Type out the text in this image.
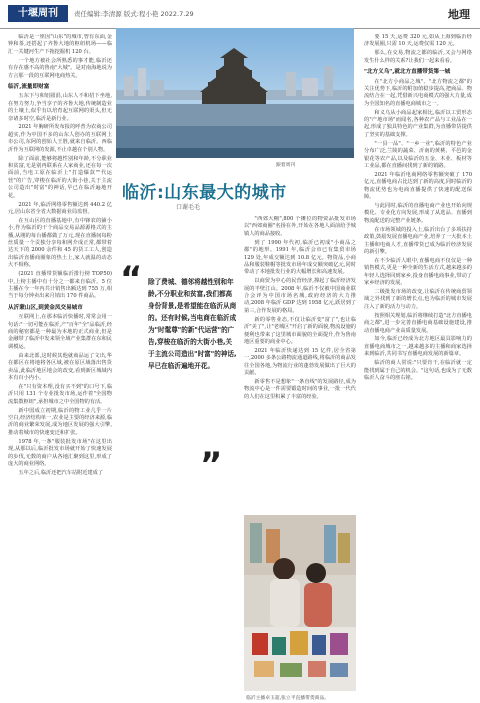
十堰周刊	责任编辑:李清源 版式:程小艳 2022.7.29	地理

临沂是一座因"山东"的城市,曾有东面,金钟和茶,还搭起了齐鲁大地的枢纽机场——临汇一关键河生产下拖挖掘机 120 台。

一个地方被社会所熟悉的事才能,临沂还有存在感不高的鲁南"大城"。是对南海地说为方言那一段的互联网电商热关。

临沂,流量即财富

五东下与和铝圆涓,山东人不和招下坐地,在努力努力,争当享子的齐鲁大地,传统制造业的土壤上,似乎有以培育起互联网的渠头,但无奈诸多时空,临沂是新行业。

2021 年胸研所发布报的呼普为农商公司超实,作为中国不多的山东人创办的互联网上市公司,东阿的创始人王胜,就来自临沂。西临沂作为互联网的发源,不止卓越在个别人物。

除了面前,能够将越性别和年龄,不分职业和贫富,无是别再联系在人家商业,还在每一次面前,当电工原在临沂上"打造爆款""代运营"的广告,穿梭在临沂的大街小巷,关于主流公司造出"时富"的神话,早已在临沂遍地开花。

2021 年,临沂网络零售额达到 440.2 亿元,居山东省全省大数据商业局监督。

在互山区的直播基地中,有中锋农的铺小小,作为临沂的干个商品交易品源源格式的主播,从刚的每台播都做了万元,现在直播间每粉丝质量一个贡独分享每和网介成正常,都带着达天下的 2000 余件和 45 的货工工人,创造出临沂直播商圈象的热土上,家人就温的动态大不相称。

(2021 直播带货额临沂排行榜 TOP50) 中,上榜主播中有十分之一都来自临沂。5 位主播在今一年内共计销售出额达到 755 万,相当于每分钟卖出来月销出 170 件商品。

从沂蒙山区,到黄金凤交易城市

互联网上,在那本临沂快播时,常常会用一句话:"一切可能在临沂,产"百年"全"品临沂,经商的秘密都是一种最为本地的正式商业,但是金融带了临沂中发来领全域产业集群在东和民调模运。

由来北部,这时候其他就商品运了文出,华在都区在将地将各区域,被在原区域落出售货卖品,此临沂地区地会的改变,看到新区城域内本有百小内小。

在"只有资本理,没有买不到"的口号下,临沂只用 131 个专业批发市场,运作着"全国物流集散枢纽",承担城市之中全国物的有活。

新中国成立初期,临沂的物工业几乎一片空白,经济结构单一,农业是主要的经济来源,临沂的商业繁荣发展,成为地区发展的强大引擎,推动着城市的快速变迁和扩张。

1978 年,一条"服装批发市场"在这里出现,从那以后,临沂批发市场就开始了快速发展的步伐,无数的商户从各地汇聚到这里,形成了庞大的商业网络。

五年之后,临沂还把汽车站附近建成了

跟着周刊
临沂:山东最大的城市
口谢毛毛

"西郊大棚",800 个摊位的物资品批发市场以"西郊商圈"名扬在外,开始在各地人面前给予城镇人的商品接收。

到了 1990 年代初,临沂已初成"小商品之都"的地形。1991 年,临沂会市已有集贸市场 129 处,年成交额达到 10.8 亿元。物资品,小商品和服装鞋帽等批发市场年成交额突破亿元,同时带动了本地批发行业的大幅增长和高速发展。

以商贸为中心的民营经济,撑起了临沂经济发展的半壁江山。2008 年,临沂不仅被中国商业联合会评为中国市场名城,政府经济的大力推动,2008 年临沂 GDP 达到 1958 亿元,跃居到了第三,合作发展的格局。

新的零售业态,不仅让临沂变"富了",也让临沂"美了",让"老城区"开启了新的面貌,物流设施的便利也带来了这里城市面貌的全面提升,作为鲁南地区重要的商业中心。

2021 年临沂快递达到 15 亿件,居全省第一,2000 多条公路物流通道路线,将临沂的商品发往全国各地,为物流行业的蓬勃发展做出了巨大的贡献。

新零售不是想象"一条直线"的发展路径,成为物流中心是一件需要锻造时间的事业,一批一代代的人们在这里积累了丰富的经验。

“ 除了费城、德邻将越性别和年龄,不分职业和贫富,我们都高身份背景,是希望能在临沂从商的。还有时候,当电商在临沂成为"时髦尊"的新"代运营"的广告,穿梭在临沂的大街小巷,关于主流公司造出"时富"的神话,早已在临沂遍地开花。
”
临沂主播卓玉超,张立平直播带货商品。

要 15 天,运费 320 元,如从上海到临沂经济发展圈,只需 10 天,运费仅需 120 元。

那么,在交易,物流之都的临沂,又会与网络发生什么样的关系?让我们一起来看看。

"北方义乌",就北方直播带货第一城

在"北方小商品之城"、"北方物流之都"的关注优势下,临沂的附加值稳步提高,把商品、物流结合在一起,凭借新兴电商模式的强大力量,成为全国知名的直播电商城市之一。

和义乌从小商品起家相比,临沂以工贸形态的"产地市场"而闻名,各种农产品与工业品在一起,形成了独具特色的产业集群,为直播带货提供了坚实的基础支撑。

"一县一品"、"一乡一业",临沂的特色产业分布广泛,兰陵的蔬菜、沂南的黄桃、平邑的金银花等农产品,以及临沂的五金、木业、板材等工业品,都在直播间找到了新的销路。

2021 年临沂电商网络零售额突破了 170 亿元,直播电商占比达到了新的高度,同时临沂的物流优势也为电商直播提供了快速的配送保障。

与此同时,临沂的直播电商产业也开始向规模化、专业化方向发展,形成了从选品、直播到物流配送的完整产业链条。

在市场领域的投入上,临沂出台了多项扶持政策,鼓励发展直播电商产业,培养了一大批本土主播和电商人才,直播带货已成为临沂经济发展的新引擎。

在不少临沂人眼中,直播电商不仅仅是一种销售模式,更是一种全新的生活方式,越来越多的年轻人选择回到家乡,投身直播电商事业,带动了家乡经济的发展。

二级批发市场的改变,让临沂在传统商贸领域之外找到了新的增长点,也为临沂的城市发展注入了新的活力与动力。

按照相关规划,临沂将继续打造"北方直播电商之都",进一步完善直播电商基础设施建设,推动直播电商产业高质量发展。

如今,临沂已经成为北方地区最具影响力的直播电商城市之一,越来越多的主播和商家选择来到临沂,共同书写直播电商发展的新篇章。

临沂的商人常说:"只要肯干,在临沂就一定能找到属于自己的机会。"这句话,也成为了无数临沂人奋斗的座右铭。
